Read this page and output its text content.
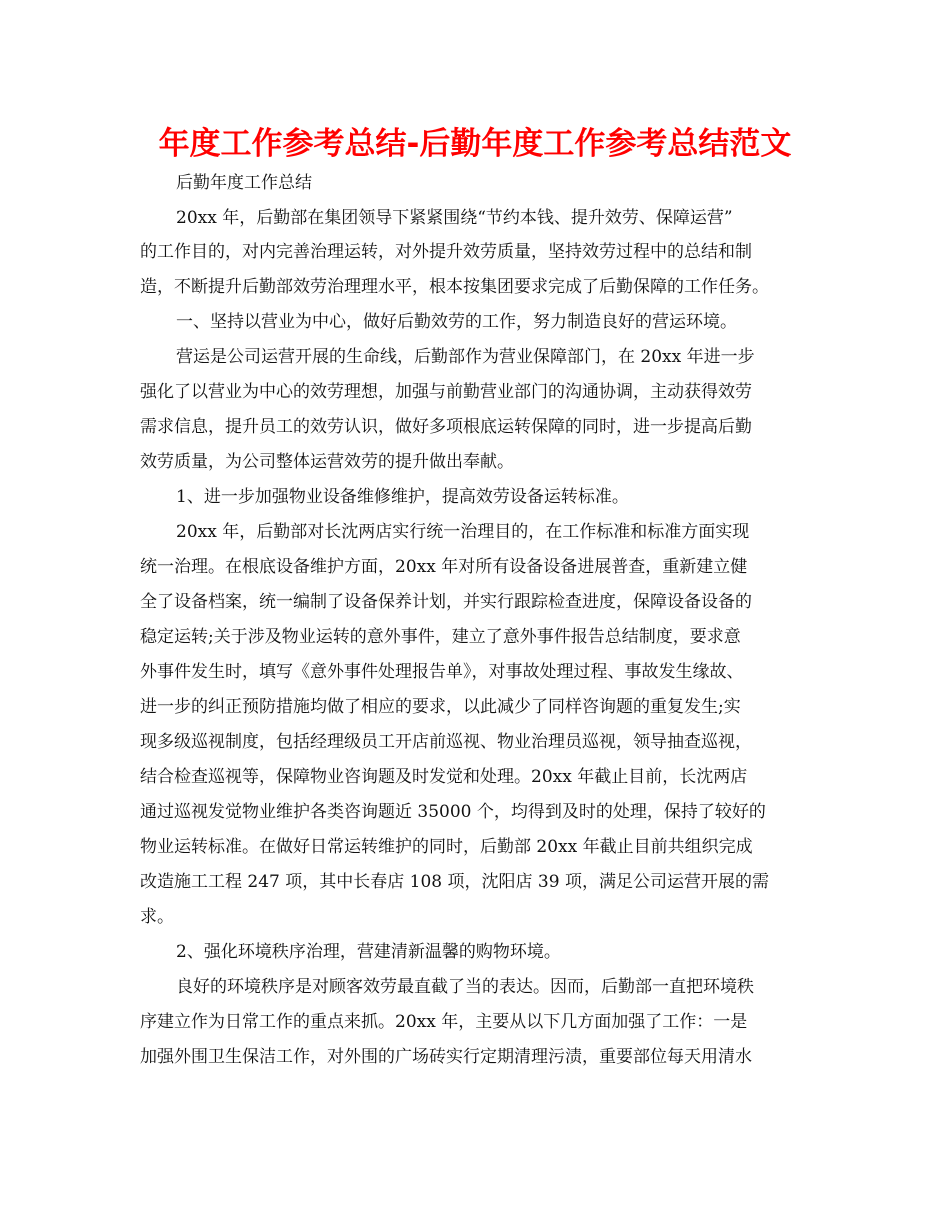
年度工作参考总结-后勤年度工作参考总结范文
后勤年度工作总结
20xx 年，后勤部在集团领导下紧紧围绕“节约本钱、提升效劳、保障运营”
的工作目的，对内完善治理运转，对外提升效劳质量，坚持效劳过程中的总结和制
造，不断提升后勤部效劳治理理水平，根本按集团要求完成了后勤保障的工作任务。
一、坚持以营业为中心，做好后勤效劳的工作，努力制造良好的营运环境。
营运是公司运营开展的生命线，后勤部作为营业保障部门，在 20xx 年进一步
强化了以营业为中心的效劳理想，加强与前勤营业部门的沟通协调，主动获得效劳
需求信息，提升员工的效劳认识，做好多项根底运转保障的同时，进一步提高后勤
效劳质量，为公司整体运营效劳的提升做出奉献。
1、进一步加强物业设备维修维护，提高效劳设备运转标准。
20xx 年，后勤部对长沈两店实行统一治理目的，在工作标准和标准方面实现
统一治理。在根底设备维护方面，20xx 年对所有设备设备进展普查，重新建立健
全了设备档案，统一编制了设备保养计划，并实行跟踪检查进度，保障设备设备的
稳定运转;关于涉及物业运转的意外事件，建立了意外事件报告总结制度，要求意
外事件发生时，填写《意外事件处理报告单》，对事故处理过程、事故发生缘故、
进一步的纠正预防措施均做了相应的要求，以此减少了同样咨询题的重复发生;实
现多级巡视制度，包括经理级员工开店前巡视、物业治理员巡视，领导抽查巡视，
结合检查巡视等，保障物业咨询题及时发觉和处理。20xx 年截止目前，长沈两店
通过巡视发觉物业维护各类咨询题近 35000 个，均得到及时的处理，保持了较好的
物业运转标准。在做好日常运转维护的同时，后勤部 20xx 年截止目前共组织完成
改造施工工程 247 项，其中长春店 108 项，沈阳店 39 项，满足公司运营开展的需
求。
2、强化环境秩序治理，营建清新温馨的购物环境。
良好的环境秩序是对顾客效劳最直截了当的表达。因而，后勤部一直把环境秩
序建立作为日常工作的重点来抓。20xx 年，主要从以下几方面加强了工作：一是
加强外围卫生保洁工作，对外围的广场砖实行定期清理污渍，重要部位每天用清水
